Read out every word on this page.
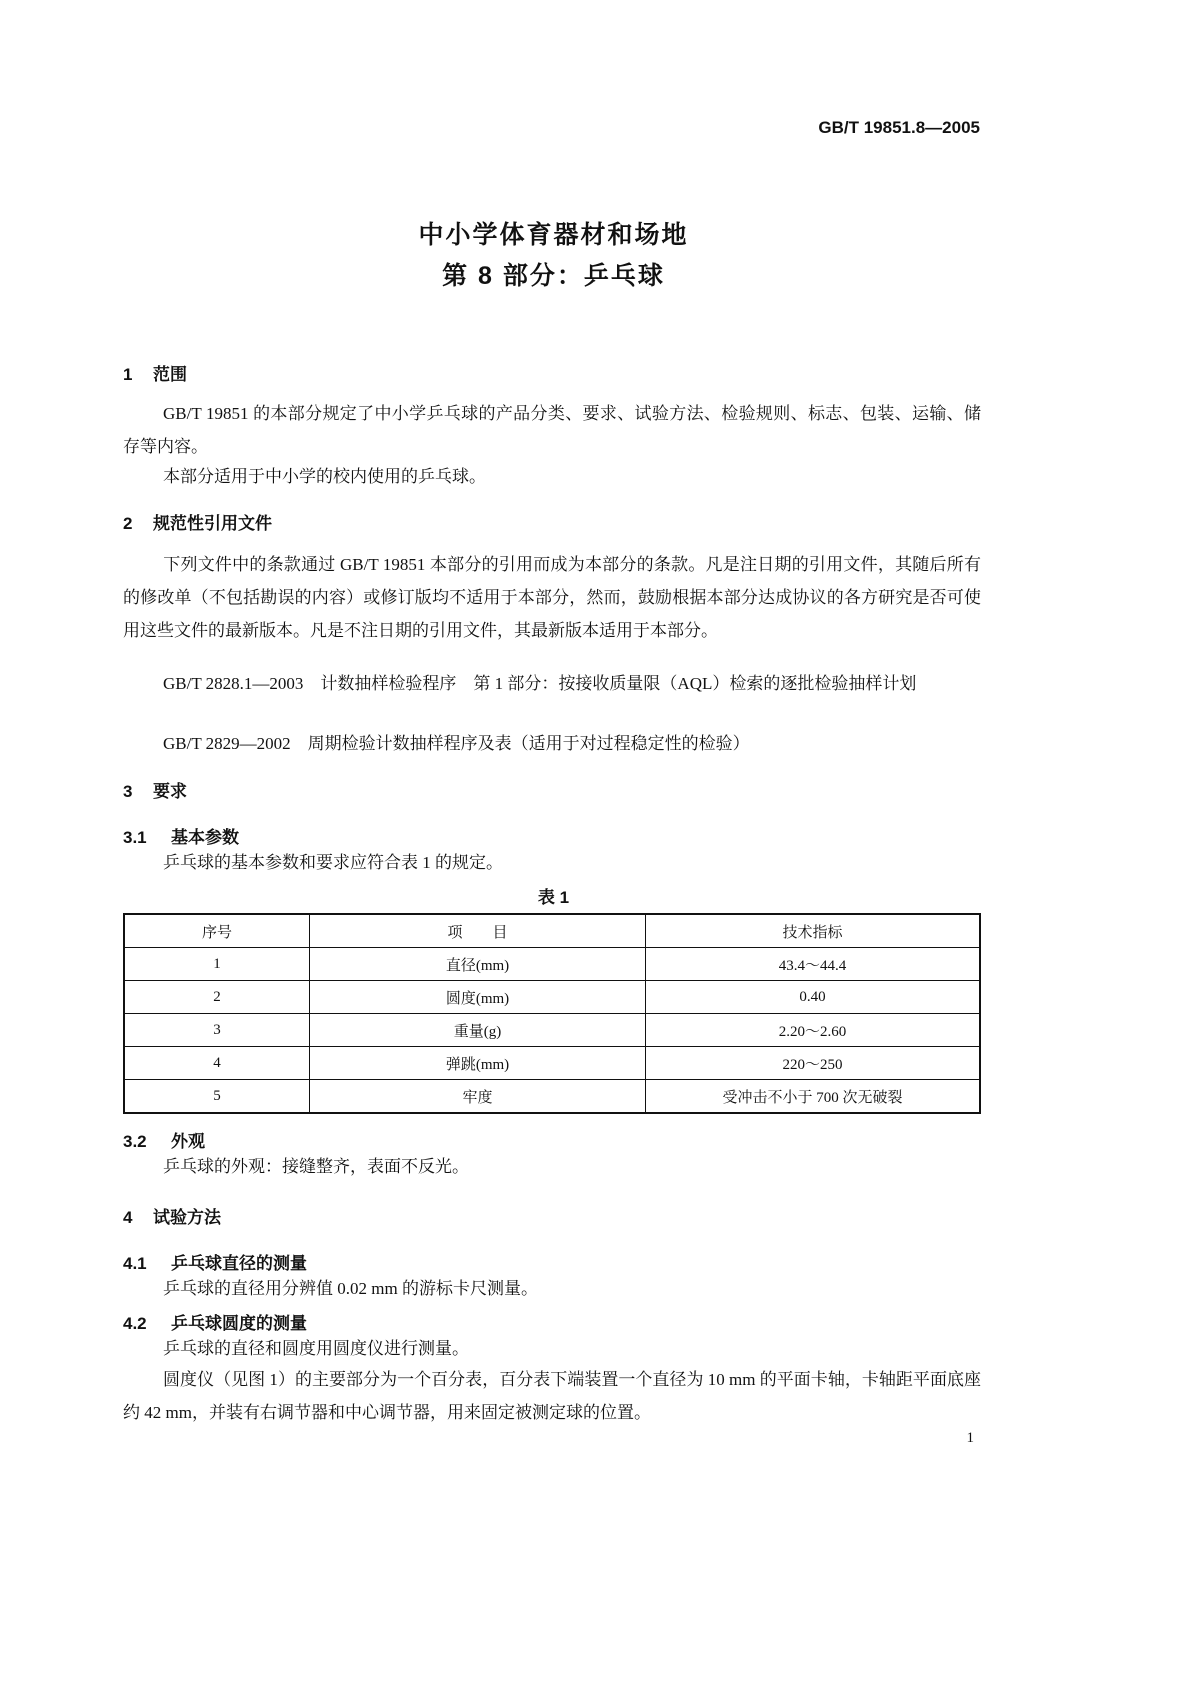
GB/T 19851.8—2005
中小学体育器材和场地
第 8 部分：乒乓球
1 范围
GB/T 19851 的本部分规定了中小学乒乓球的产品分类、要求、试验方法、检验规则、标志、包装、运输、储存等内容。
本部分适用于中小学的校内使用的乒乓球。
2 规范性引用文件
下列文件中的条款通过 GB/T 19851 本部分的引用而成为本部分的条款。凡是注日期的引用文件，其随后所有的修改单（不包括勘误的内容）或修订版均不适用于本部分，然而，鼓励根据本部分达成协议的各方研究是否可使用这些文件的最新版本。凡是不注日期的引用文件，其最新版本适用于本部分。
GB/T 2828.1—2003　计数抽样检验程序　第 1 部分：按接收质量限（AQL）检索的逐批检验抽样计划
GB/T 2829—2002　周期检验计数抽样程序及表（适用于对过程稳定性的检验）
3 要求
3.1 基本参数
乒乓球的基本参数和要求应符合表 1 的规定。
表 1
序号	项　　目	技术指标
1	直径(mm)	43.4～44.4
2	圆度(mm)	0.40
3	重量(g)	2.20～2.60
4	弹跳(mm)	220～250
5	牢度	受冲击不小于 700 次无破裂
3.2 外观
乒乓球的外观：接缝整齐，表面不反光。
4 试验方法
4.1 乒乓球直径的测量
乒乓球的直径用分辨值 0.02 mm 的游标卡尺测量。
4.2 乒乓球圆度的测量
乒乓球的直径和圆度用圆度仪进行测量。
圆度仪（见图 1）的主要部分为一个百分表，百分表下端装置一个直径为 10 mm 的平面卡轴，卡轴距平面底座约 42 mm，并装有右调节器和中心调节器，用来固定被测定球的位置。
1
